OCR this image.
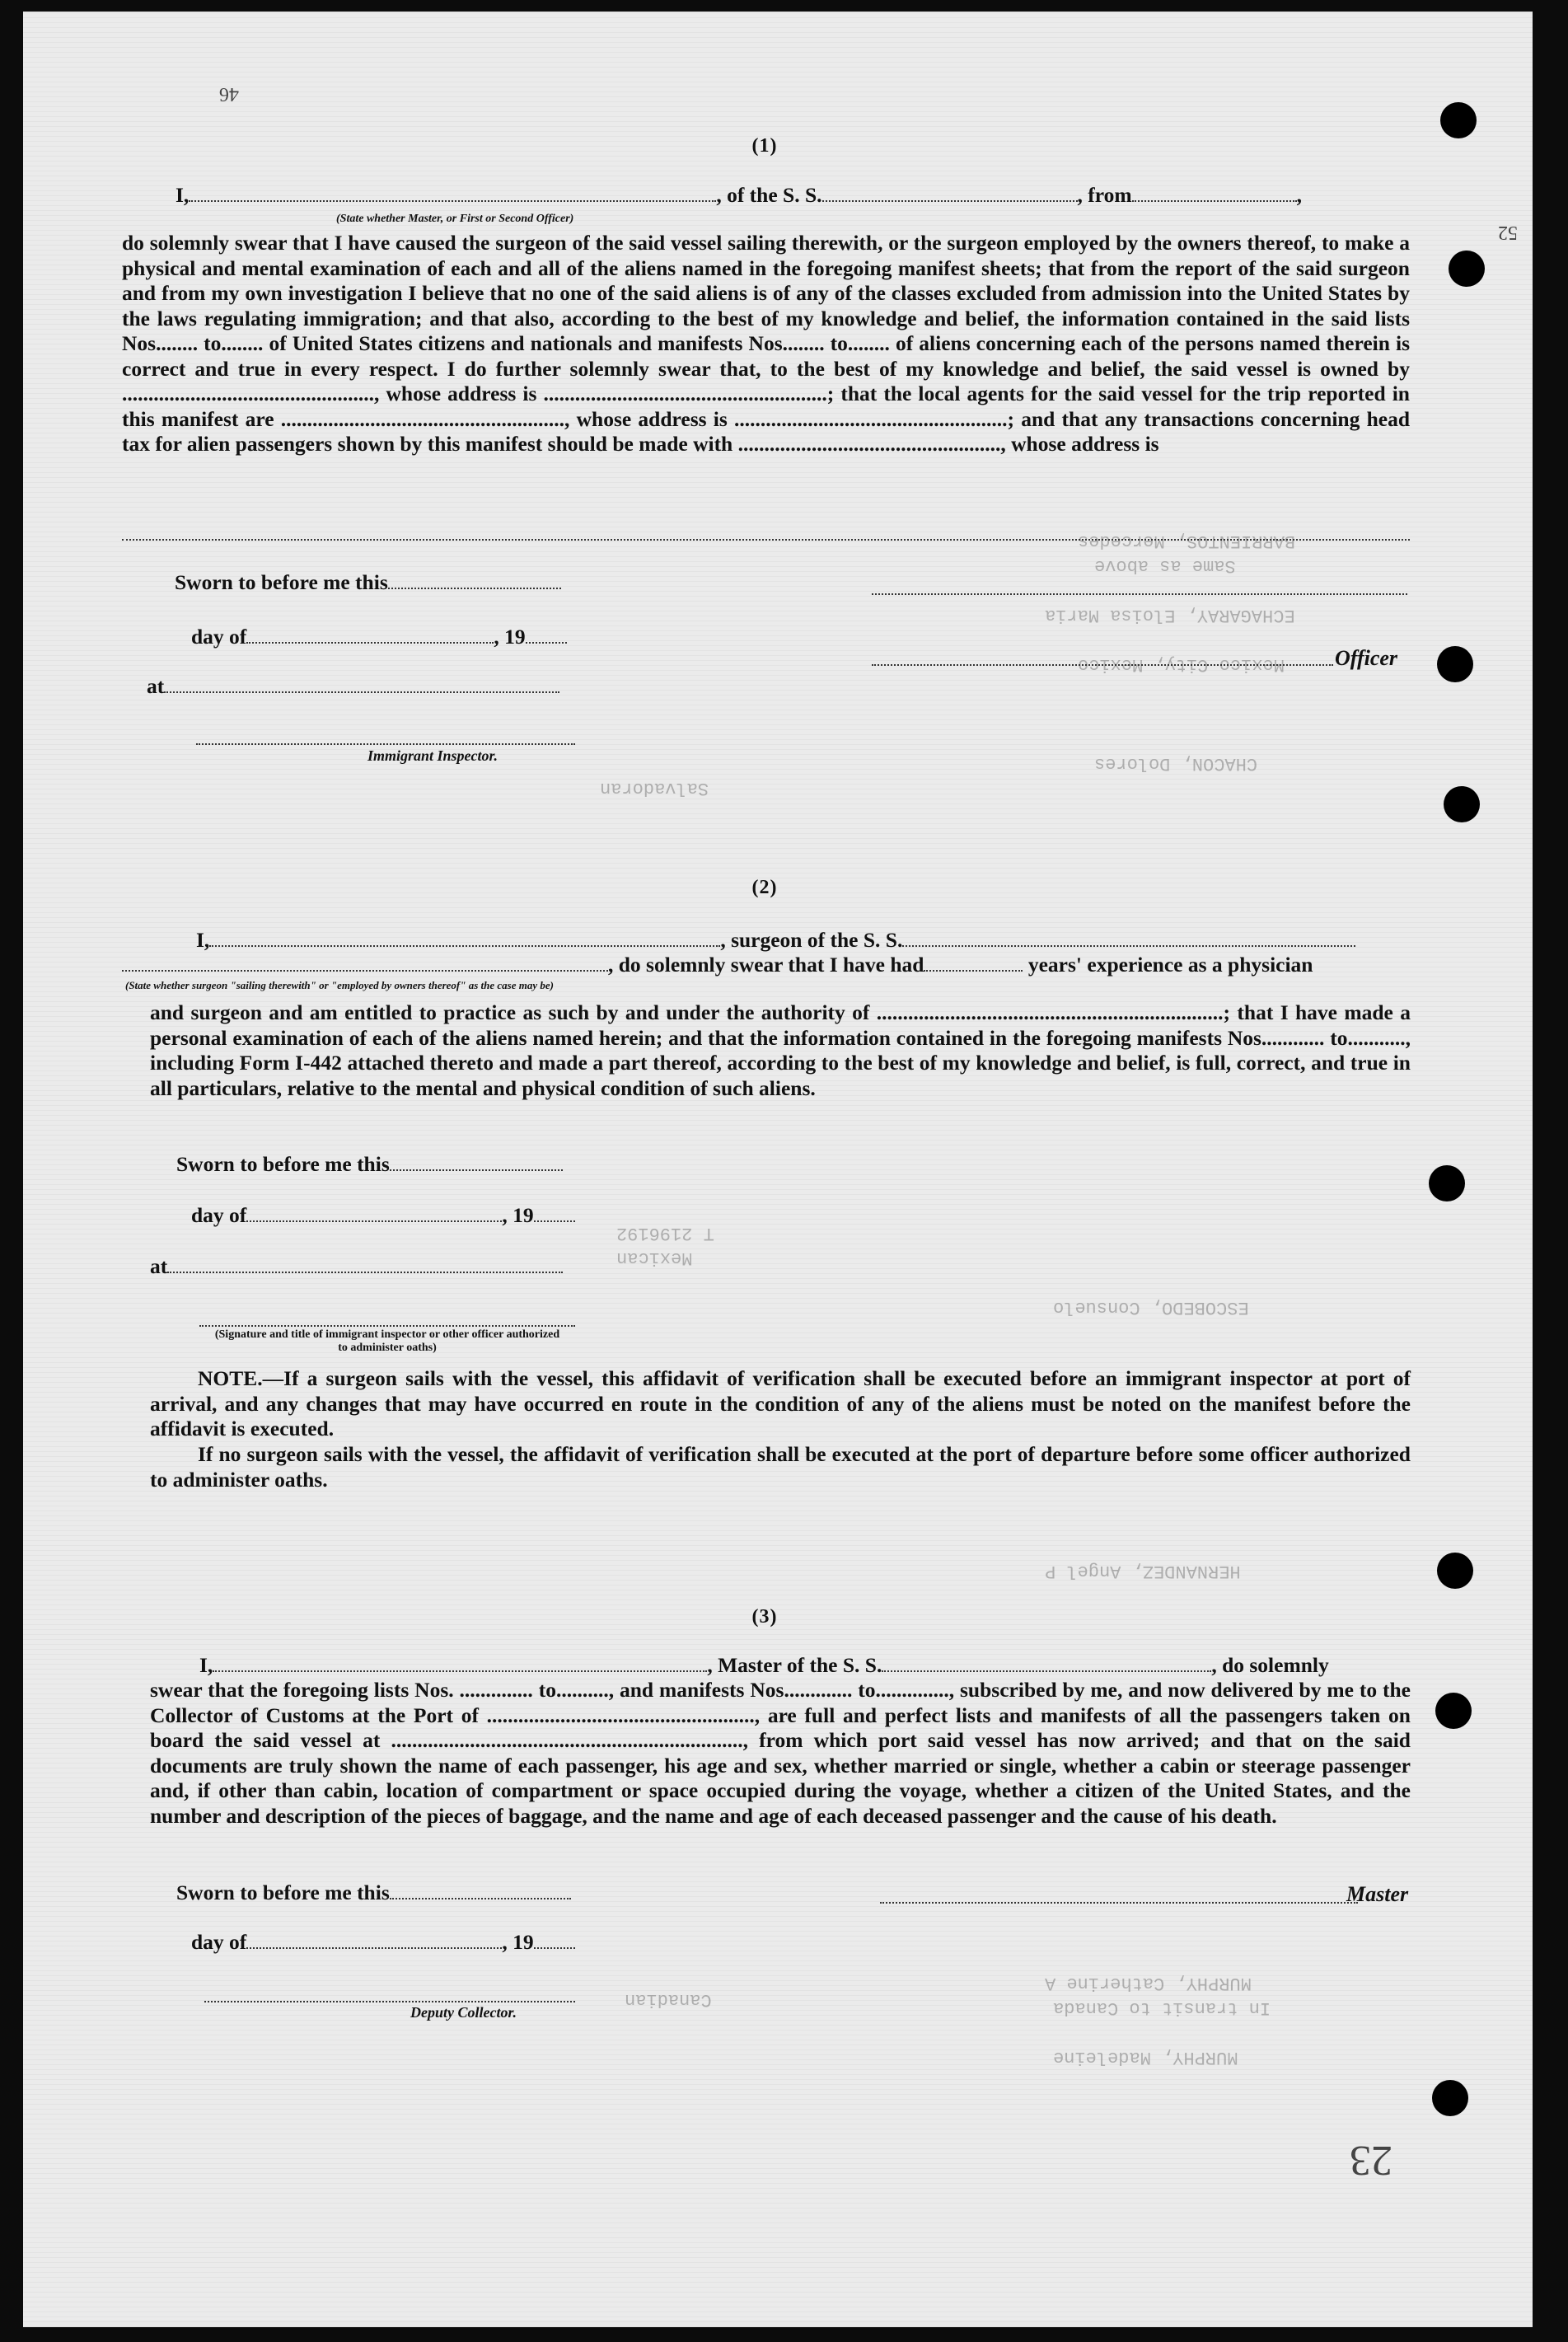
BARRIENTOS, Mercedes
Same as above
ECHAGARAY, Eloisa Maria
Mexico City, Mexico
CHACON, Dolores
Salvadoran
Mexican
T 2196192
MURPHY, Catherine A
In transit to Canada
Canadian
MURPHY, Madeleine
HERNANDEZ, Angel P
ESCOBEDO, Consuelo
46
52
23
(1)
I,	, of the S. S.	, from	,
(State whether Master, or First or Second Officer)
do solemnly swear that I have caused the surgeon of the said vessel sailing therewith, or the surgeon employed by the owners thereof, to make a physical and mental examination of each and all of the aliens named in the foregoing manifest sheets; that from the report of the said surgeon and from my own investigation I believe that no one of the said aliens is of any of the classes excluded from admission into the United States by the laws regulating immigration; and that also, according to the best of my knowledge and belief, the information contained in the said lists Nos........ to........ of United States citizens and nationals and manifests Nos........ to........ of aliens concerning each of the persons named therein is correct and true in every respect. I do further solemnly swear that, to the best of my knowledge and belief, the said vessel is owned by ................................................, whose address is ......................................................; that the local agents for the said vessel for the trip reported in this manifest are ......................................................, whose address is ....................................................; and that any transactions concerning head tax for alien passengers shown by this manifest should be made with .................................................., whose address is
Sworn to before me this
day of	, 19
Officer
at
Immigrant Inspector.
(2)
I,	, surgeon of the S. S.
, do solemnly swear that I have had	years' experience as a physician
(State whether surgeon "sailing therewith" or "employed by owners thereof" as the case may be)
and surgeon and am entitled to practice as such by and under the authority of ..................................................................; that I have made a personal examination of each of the aliens named herein; and that the information contained in the foregoing manifests Nos............ to..........., including Form I-442 attached thereto and made a part thereof, according to the best of my knowledge and belief, is full, correct, and true in all particulars, relative to the mental and physical condition of such aliens.
Sworn to before me this
day of	, 19
at
(Signature and title of immigrant inspector or other officer authorized to administer oaths)
NOTE.—If a surgeon sails with the vessel, this affidavit of verification shall be executed before an immigrant inspector at port of arrival, and any changes that may have occurred en route in the condition of any of the aliens must be noted on the manifest before the affidavit is executed.
If no surgeon sails with the vessel, the affidavit of verification shall be executed at the port of departure before some officer authorized to administer oaths.
(3)
I,	, Master of the S. S.	, do solemnly
swear that the foregoing lists Nos. .............. to.........., and manifests Nos............. to.............., subscribed by me, and now delivered by me to the Collector of Customs at the Port of ..................................................., are full and perfect lists and manifests of all the passengers taken on board the said vessel at ..................................................................., from which port said vessel has now arrived; and that on the said documents are truly shown the name of each passenger, his age and sex, whether married or single, whether a cabin or steerage passenger and, if other than cabin, location of compartment or space occupied during the voyage, whether a citizen of the United States, and the number and description of the pieces of baggage, and the name and age of each deceased passenger and the cause of his death.
Sworn to before me this	Master
day of	, 19
Deputy Collector.
